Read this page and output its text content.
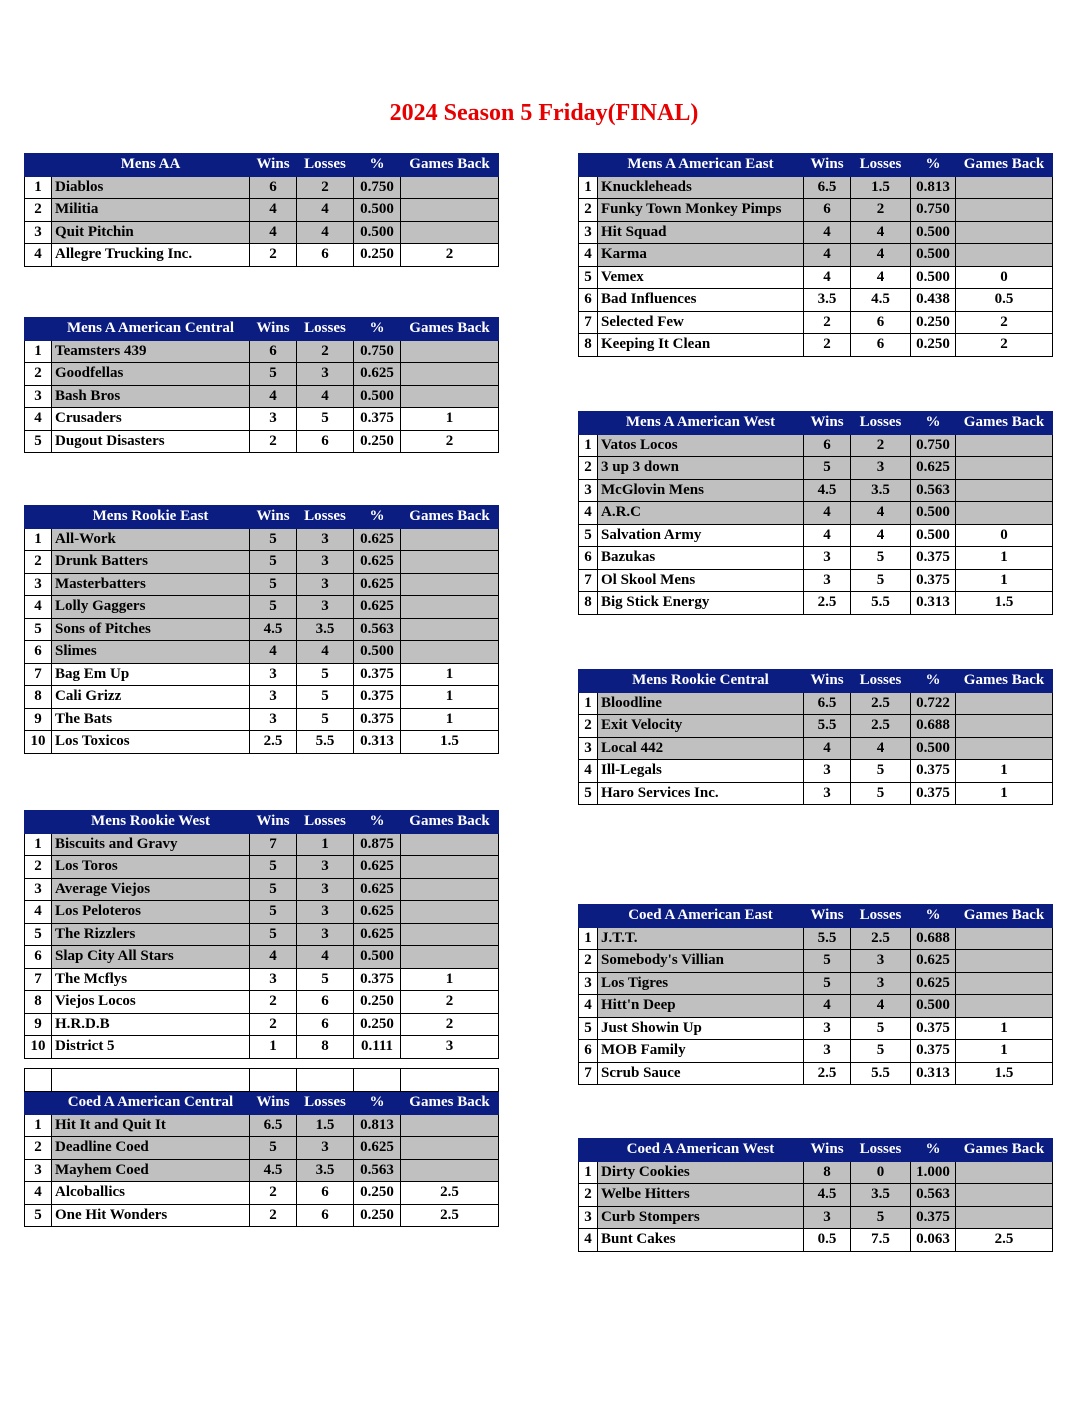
2024 Season 5 Friday(FINAL)
	Mens AA	Wins	Losses	%	Games Back
1	Diablos	6	2	0.750	
2	Militia	4	4	0.500	
3	Quit Pitchin	4	4	0.500	
4	Allegre Trucking Inc.	2	6	0.250	2
	Mens A American Central	Wins	Losses	%	Games Back
1	Teamsters 439	6	2	0.750	
2	Goodfellas	5	3	0.625	
3	Bash Bros	4	4	0.500	
4	Crusaders	3	5	0.375	1
5	Dugout Disasters	2	6	0.250	2
	Mens Rookie East	Wins	Losses	%	Games Back
1	All-Work	5	3	0.625	
2	Drunk Batters	5	3	0.625	
3	Masterbatters	5	3	0.625	
4	Lolly Gaggers	5	3	0.625	
5	Sons of Pitches	4.5	3.5	0.563	
6	Slimes	4	4	0.500	
7	Bag Em Up	3	5	0.375	1
8	Cali Grizz	3	5	0.375	1
9	The Bats	3	5	0.375	1
10	Los Toxicos	2.5	5.5	0.313	1.5
	Mens Rookie West	Wins	Losses	%	Games Back
1	Biscuits and Gravy	7	1	0.875	
2	Los Toros	5	3	0.625	
3	Average Viejos	5	3	0.625	
4	Los Peloteros	5	3	0.625	
5	The Rizzlers	5	3	0.625	
6	Slap City All Stars	4	4	0.500	
7	The Mcflys	3	5	0.375	1
8	Viejos Locos	2	6	0.250	2
9	H.R.D.B	2	6	0.250	2
10	District 5	1	8	0.111	3
	Coed A American Central	Wins	Losses	%	Games Back
1	Hit It and Quit It	6.5	1.5	0.813	
2	Deadline Coed	5	3	0.625	
3	Mayhem Coed	4.5	3.5	0.563	
4	Alcoballics	2	6	0.250	2.5
5	One Hit Wonders	2	6	0.250	2.5
	Mens A American East	Wins	Losses	%	Games Back
1	Knuckleheads	6.5	1.5	0.813	
2	Funky Town Monkey Pimps	6	2	0.750	
3	Hit Squad	4	4	0.500	
4	Karma	4	4	0.500	
5	Vemex	4	4	0.500	0
6	Bad Influences	3.5	4.5	0.438	0.5
7	Selected Few	2	6	0.250	2
8	Keeping It Clean	2	6	0.250	2
	Mens A American West	Wins	Losses	%	Games Back
1	Vatos Locos	6	2	0.750	
2	3 up 3 down	5	3	0.625	
3	McGlovin Mens	4.5	3.5	0.563	
4	A.R.C	4	4	0.500	
5	Salvation Army	4	4	0.500	0
6	Bazukas	3	5	0.375	1
7	Ol Skool Mens	3	5	0.375	1
8	Big Stick Energy	2.5	5.5	0.313	1.5
	Mens Rookie Central	Wins	Losses	%	Games Back
1	Bloodline	6.5	2.5	0.722	
2	Exit Velocity	5.5	2.5	0.688	
3	Local 442	4	4	0.500	
4	Ill-Legals	3	5	0.375	1
5	Haro Services Inc.	3	5	0.375	1
	Coed A American East	Wins	Losses	%	Games Back
1	J.T.T.	5.5	2.5	0.688	
2	Somebody's Villian	5	3	0.625	
3	Los Tigres	5	3	0.625	
4	Hitt'n Deep	4	4	0.500	
5	Just Showin Up	3	5	0.375	1
6	MOB Family	3	5	0.375	1
7	Scrub Sauce	2.5	5.5	0.313	1.5
	Coed A American West	Wins	Losses	%	Games Back
1	Dirty Cookies	8	0	1.000	
2	Welbe Hitters	4.5	3.5	0.563	
3	Curb Stompers	3	5	0.375	
4	Bunt Cakes	0.5	7.5	0.063	2.5
